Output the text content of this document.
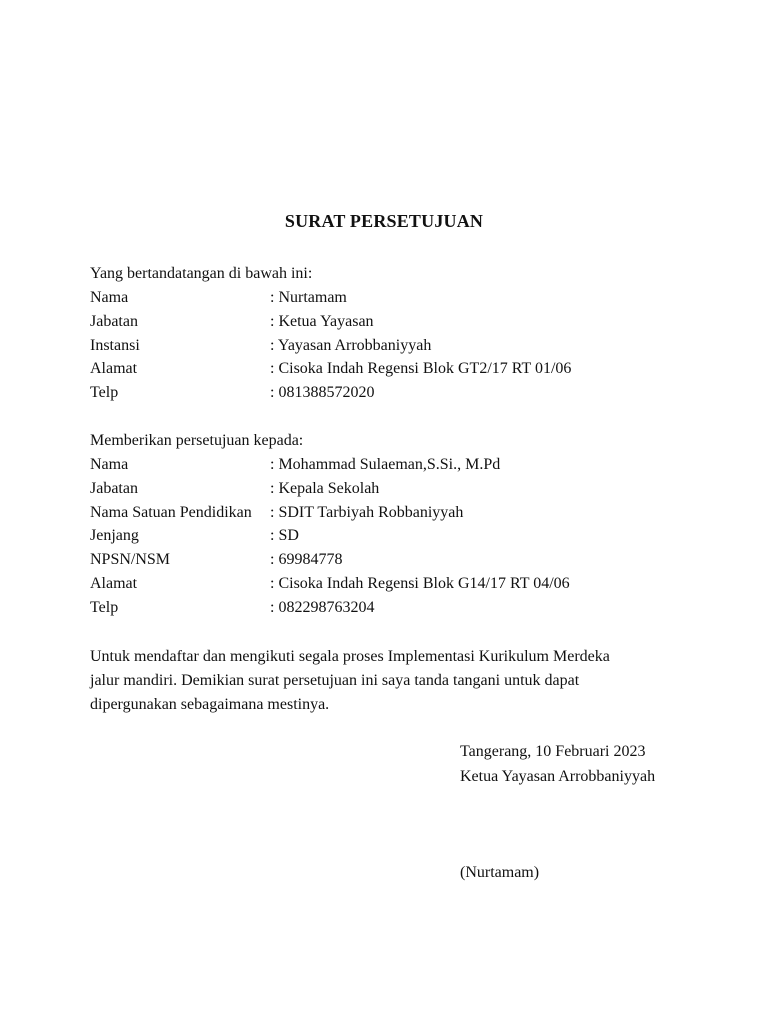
SURAT PERSETUJUAN
Yang bertandatangan di bawah ini:
Nama	: Nurtamam
Jabatan	: Ketua Yayasan
Instansi	: Yayasan Arrobbaniyyah
Alamat	: Cisoka Indah Regensi Blok GT2/17 RT 01/06
Telp	: 081388572020
Memberikan persetujuan kepada:
Nama	: Mohammad Sulaeman,S.Si., M.Pd
Jabatan	: Kepala Sekolah
Nama Satuan Pendidikan	: SDIT Tarbiyah Robbaniyyah
Jenjang	: SD
NPSN/NSM	: 69984778
Alamat	: Cisoka Indah Regensi Blok G14/17 RT 04/06
Telp	: 082298763204
Untuk mendaftar dan mengikuti segala proses Implementasi Kurikulum Merdeka
jalur mandiri. Demikian surat persetujuan ini saya tanda tangani untuk dapat
dipergunakan sebagaimana mestinya.
Tangerang, 10 Februari 2023
Ketua Yayasan Arrobbaniyyah
(Nurtamam)
